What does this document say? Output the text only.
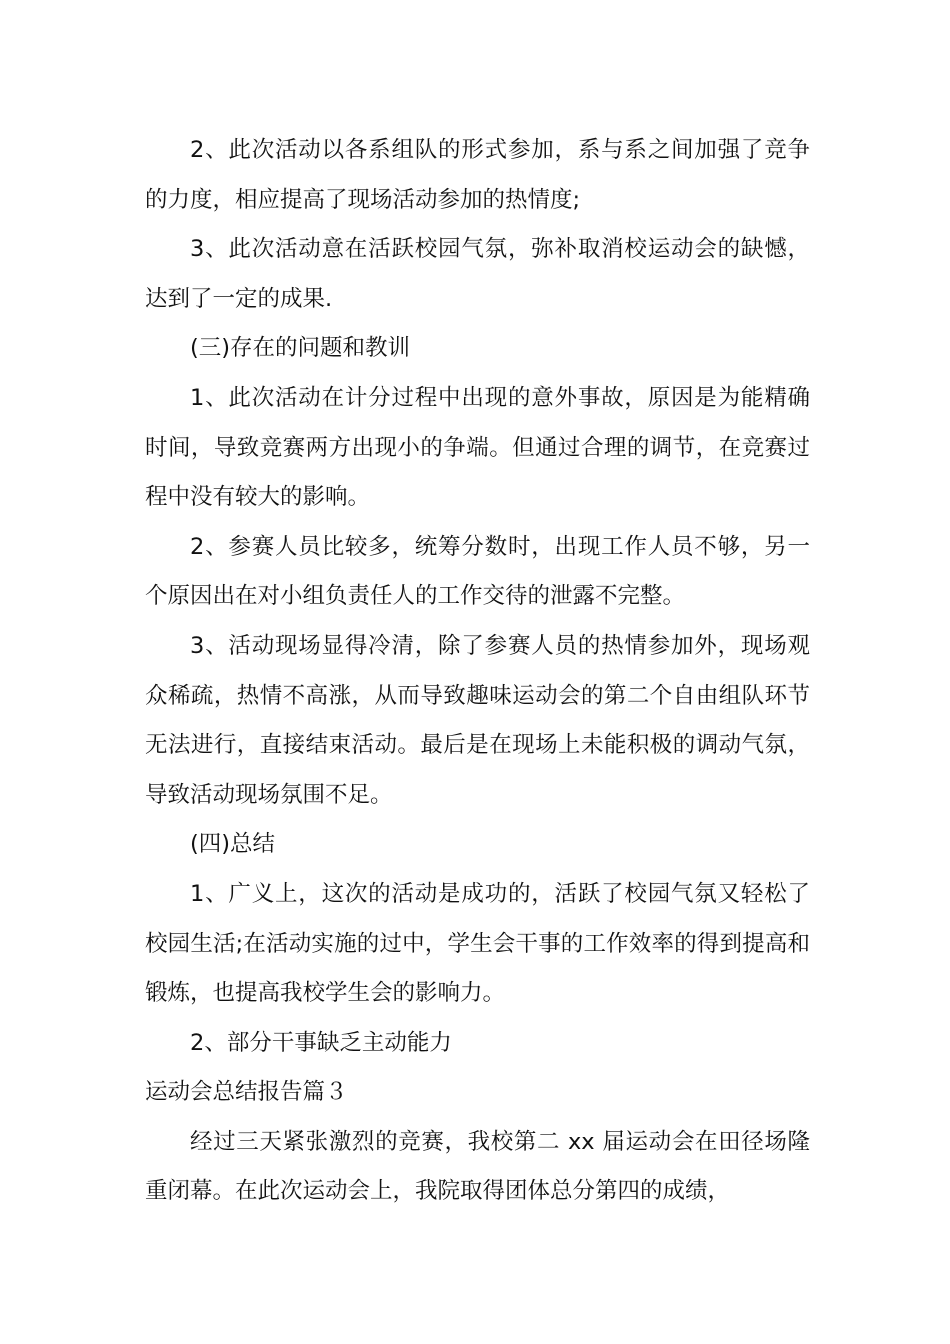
2、此次活动以各系组队的形式参加，系与系之间加强了竞争的力度，相应提高了现场活动参加的热情度;

3、此次活动意在活跃校园气氛，弥补取消校运动会的缺憾，达到了一定的成果.

(三)存在的问题和教训

1、此次活动在计分过程中出现的意外事故，原因是为能精确时间，导致竞赛两方出现小的争端。但通过合理的调节，在竞赛过程中没有较大的影响。

2、参赛人员比较多，统筹分数时，出现工作人员不够，另一个原因出在对小组负责任人的工作交待的泄露不完整。

3、活动现场显得冷清，除了参赛人员的热情参加外，现场观众稀疏，热情不高涨，从而导致趣味运动会的第二个自由组队环节无法进行，直接结束活动。最后是在现场上未能积极的调动气氛，导致活动现场氛围不足。

(四)总结

1、广义上，这次的活动是成功的，活跃了校园气氛又轻松了校园生活;在活动实施的过中，学生会干事的工作效率的得到提高和锻炼，也提高我校学生会的影响力。

2、部分干事缺乏主动能力

运动会总结报告篇３

经过三天紧张激烈的竞赛，我校第二 xx 届运动会在田径场隆重闭幕。在此次运动会上，我院取得团体总分第四的成绩，
